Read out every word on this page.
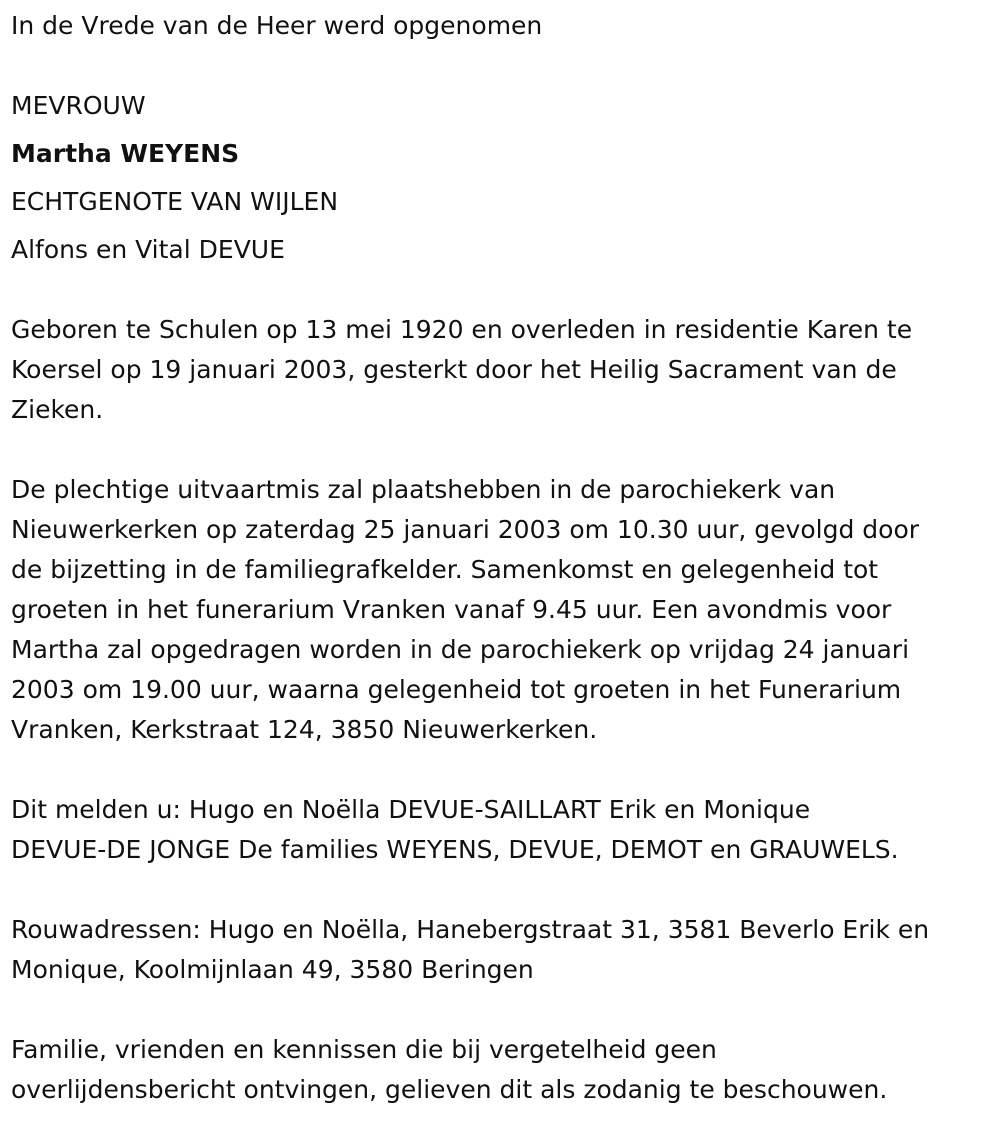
In de Vrede van de Heer werd opgenomen

MEVROUW

Martha WEYENS

ECHTGENOTE VAN WIJLEN

Alfons en Vital DEVUE

Geboren te Schulen op 13 mei 1920 en overleden in residentie Karen te

Koersel op 19 januari 2003, gesterkt door het Heilig Sacrament van de

Zieken.

De plechtige uitvaartmis zal plaatshebben in de parochiekerk van

Nieuwerkerken op zaterdag 25 januari 2003 om 10.30 uur, gevolgd door

de bijzetting in de familiegrafkelder. Samenkomst en gelegenheid tot

groeten in het funerarium Vranken vanaf 9.45 uur. Een avondmis voor

Martha zal opgedragen worden in de parochiekerk op vrijdag 24 januari

2003 om 19.00 uur, waarna gelegenheid tot groeten in het Funerarium

Vranken, Kerkstraat 124, 3850 Nieuwerkerken.

Dit melden u: Hugo en Noëlla DEVUE-SAILLART Erik en Monique

DEVUE-DE JONGE De families WEYENS, DEVUE, DEMOT en GRAUWELS.

Rouwadressen: Hugo en Noëlla, Hanebergstraat 31, 3581 Beverlo Erik en

Monique, Koolmijnlaan 49, 3580 Beringen

Familie, vrienden en kennissen die bij vergetelheid geen

overlijdensbericht ontvingen, gelieven dit als zodanig te beschouwen.
